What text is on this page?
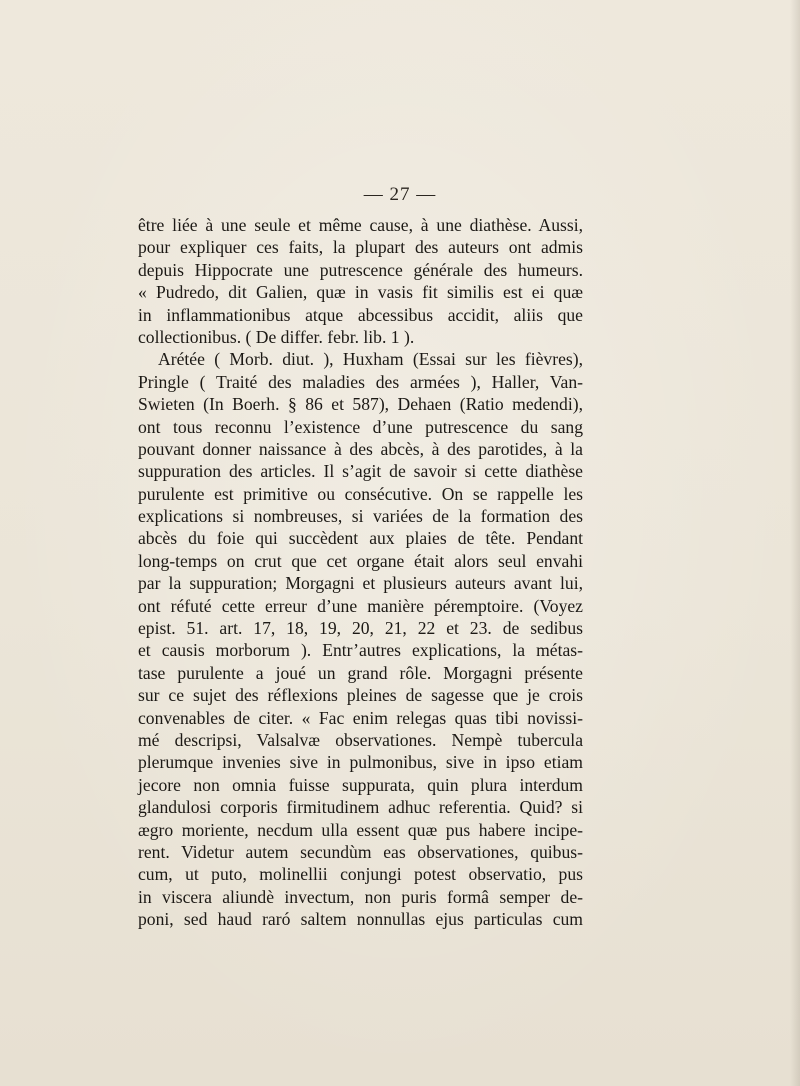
— 27 —
être liée à une seule et même cause, à une diathèse. Aussi,
pour expliquer ces faits, la plupart des auteurs ont admis
depuis Hippocrate une putrescence générale des humeurs.
« Pudredo, dit Galien, quæ in vasis fit similis est ei quæ
in inflammationibus atque abcessibus accidit, aliis que
collectionibus. ( De differ. febr. lib. 1 ).
Arétée ( Morb. diut. ), Huxham (Essai sur les fièvres),
Pringle ( Traité des maladies des armées ), Haller, Van-
Swieten (In Boerh. § 86 et 587), Dehaen (Ratio medendi),
ont tous reconnu l’existence d’une putrescence du sang
pouvant donner naissance à des abcès, à des parotides, à la
suppuration des articles. Il s’agit de savoir si cette diathèse
purulente est primitive ou consécutive. On se rappelle les
explications si nombreuses, si variées de la formation des
abcès du foie qui succèdent aux plaies de tête. Pendant
long-temps on crut que cet organe était alors seul envahi
par la suppuration; Morgagni et plusieurs auteurs avant lui,
ont réfuté cette erreur d’une manière péremptoire. (Voyez
epist. 51. art. 17, 18, 19, 20, 21, 22 et 23. de sedibus
et causis morborum ). Entr’autres explications, la métas-
tase purulente a joué un grand rôle. Morgagni présente
sur ce sujet des réflexions pleines de sagesse que je crois
convenables de citer. « Fac enim relegas quas tibi novissi-
mé descripsi, Valsalvæ observationes. Nempè tubercula
plerumque invenies sive in pulmonibus, sive in ipso etiam
jecore non omnia fuisse suppurata, quin plura interdum
glandulosi corporis firmitudinem adhuc referentia. Quid? si
ægro moriente, necdum ulla essent quæ pus habere incipe-
rent. Videtur autem secundùm eas observationes, quibus-
cum, ut puto, molinellii conjungi potest observatio, pus
in viscera aliundè invectum, non puris formâ semper de-
poni, sed haud raró saltem nonnullas ejus particulas cum
